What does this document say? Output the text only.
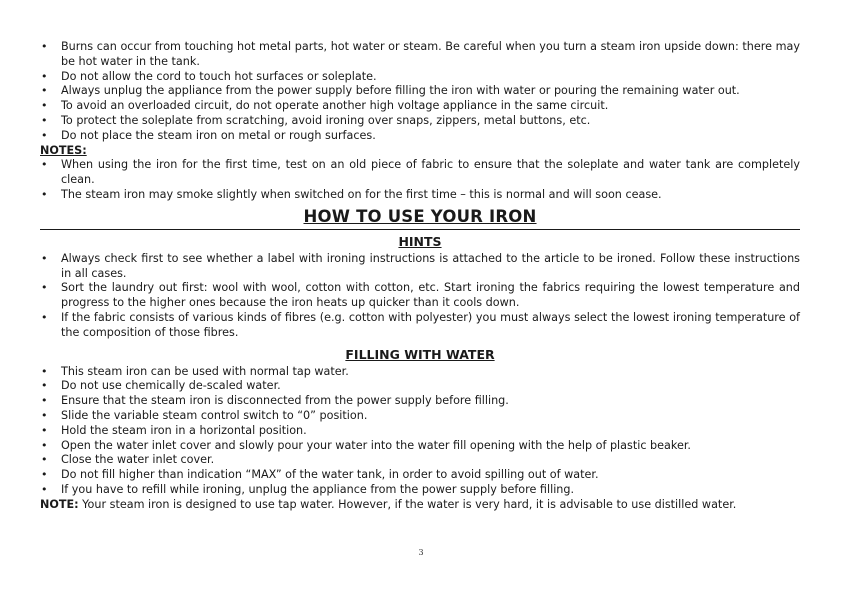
• Burns can occur from touching hot metal parts, hot water or steam. Be careful when you turn a steam iron upside down: there may be hot water in the tank.
• Do not allow the cord to touch hot surfaces or soleplate.
• Always unplug the appliance from the power supply before filling the iron with water or pouring the remaining water out.
• To avoid an overloaded circuit, do not operate another high voltage appliance in the same circuit.
• To protect the soleplate from scratching, avoid ironing over snaps, zippers, metal buttons, etc.
• Do not place the steam iron on metal or rough surfaces.
NOTES:
• When using the iron for the first time, test on an old piece of fabric to ensure that the soleplate and water tank are completely clean.
• The steam iron may smoke slightly when switched on for the first time – this is normal and will soon cease.
HOW TO USE YOUR IRON
HINTS
• Always check first to see whether a label with ironing instructions is attached to the article to be ironed. Follow these instructions in all cases.
• Sort the laundry out first: wool with wool, cotton with cotton, etc. Start ironing the fabrics requiring the lowest temperature and progress to the higher ones because the iron heats up quicker than it cools down.
• If the fabric consists of various kinds of fibres (e.g. cotton with polyester) you must always select the lowest ironing temperature of the composition of those fibres.
FILLING WITH WATER
• This steam iron can be used with normal tap water.
• Do not use chemically de-scaled water.
• Ensure that the steam iron is disconnected from the power supply before filling.
• Slide the variable steam control switch to “0” position.
• Hold the steam iron in a horizontal position.
• Open the water inlet cover and slowly pour your water into the water fill opening with the help of plastic beaker.
• Close the water inlet cover.
• Do not fill higher than indication “MAX” of the water tank, in order to avoid spilling out of water.
• If you have to refill while ironing, unplug the appliance from the power supply before filling.
NOTE: Your steam iron is designed to use tap water. However, if the water is very hard, it is advisable to use distilled water.
3
